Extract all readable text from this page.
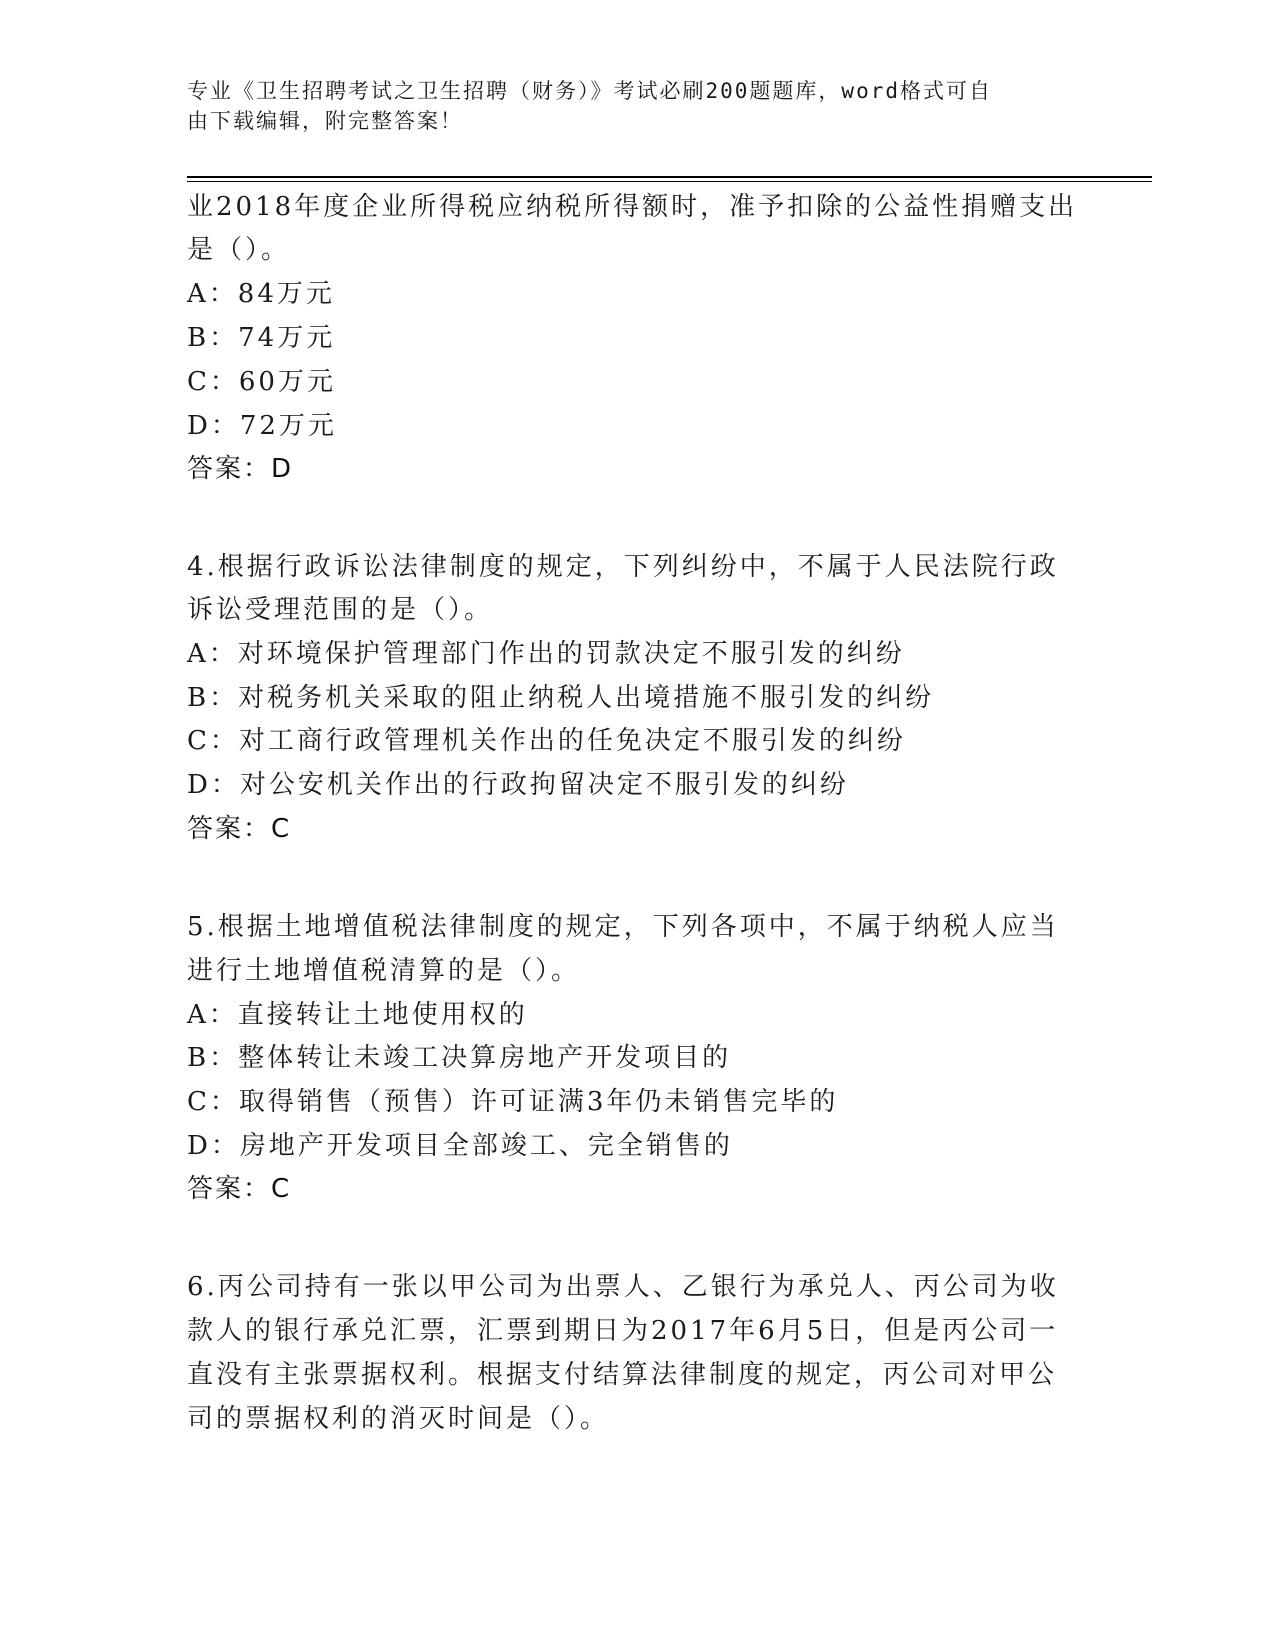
专业《卫生招聘考试之卫生招聘（财务）》考试必刷200题题库，word格式可自
由下载编辑，附完整答案！
业2018年度企业所得税应纳税所得额时，准予扣除的公益性捐赠支出
是（）。
A：84万元
B：74万元
C：60万元
D：72万元
答案：D
4.根据行政诉讼法律制度的规定，下列纠纷中，不属于人民法院行政
诉讼受理范围的是（）。
A：对环境保护管理部门作出的罚款决定不服引发的纠纷
B：对税务机关采取的阻止纳税人出境措施不服引发的纠纷
C：对工商行政管理机关作出的任免决定不服引发的纠纷
D：对公安机关作出的行政拘留决定不服引发的纠纷
答案：C
5.根据土地增值税法律制度的规定，下列各项中，不属于纳税人应当
进行土地增值税清算的是（）。
A：直接转让土地使用权的
B：整体转让未竣工决算房地产开发项目的
C：取得销售（预售）许可证满3年仍未销售完毕的
D：房地产开发项目全部竣工、完全销售的
答案：C
6.丙公司持有一张以甲公司为出票人、乙银行为承兑人、丙公司为收
款人的银行承兑汇票，汇票到期日为2017年6月5日，但是丙公司一
直没有主张票据权利。根据支付结算法律制度的规定，丙公司对甲公
司的票据权利的消灭时间是（）。
